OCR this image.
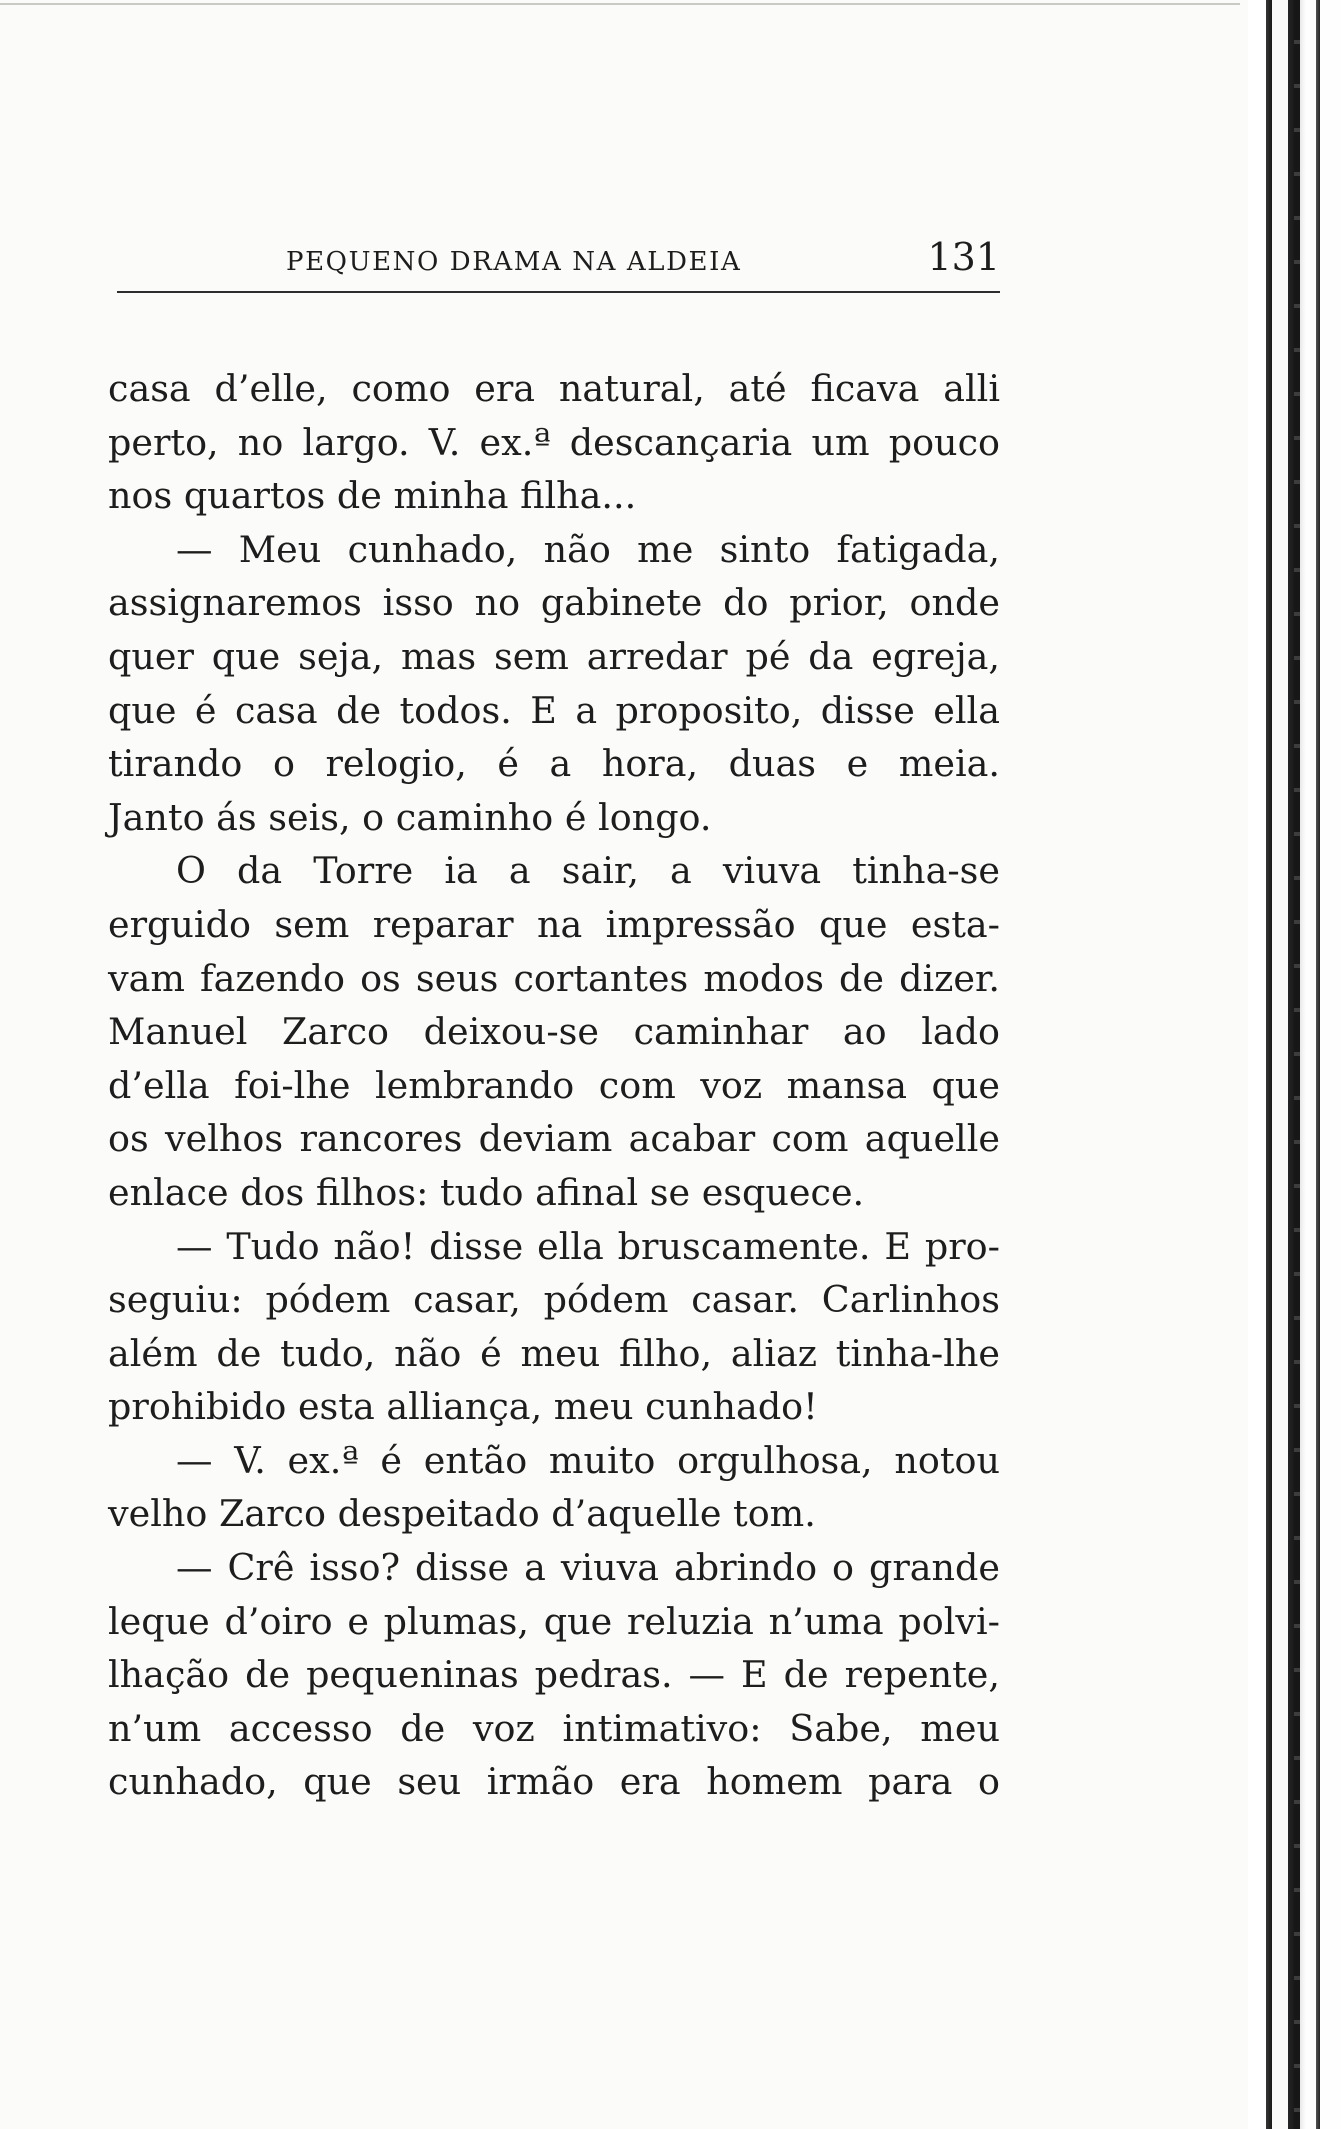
PEQUENO DRAMA NA ALDEIA	131
casa d’elle, como era natural, até ficava alli
perto, no largo. V. ex.ª descançaria um pouco
nos quartos de minha filha...
— Meu cunhado, não me sinto fatigada,
assignaremos isso no gabinete do prior, onde
quer que seja, mas sem arredar pé da egreja,
que é casa de todos. E a proposito, disse ella
tirando o relogio, é a hora, duas e meia.
Janto ás seis, o caminho é longo.
O da Torre ia a sair, a viuva tinha-se
erguido sem reparar na impressão que esta-
vam fazendo os seus cortantes modos de dizer.
Manuel Zarco deixou-se caminhar ao lado
d’ella foi-lhe lembrando com voz mansa que
os velhos rancores deviam acabar com aquelle
enlace dos filhos: tudo afinal se esquece.
— Tudo não! disse ella bruscamente. E pro-
seguiu: pódem casar, pódem casar. Carlinhos
além de tudo, não é meu filho, aliaz tinha-lhe
prohibido esta alliança, meu cunhado!
— V. ex.ª é então muito orgulhosa, notou
velho Zarco despeitado d’aquelle tom.
— Crê isso? disse a viuva abrindo o grande
leque d’oiro e plumas, que reluzia n’uma polvi-
lhação de pequeninas pedras. — E de repente,
n’um accesso de voz intimativo: Sabe, meu
cunhado, que seu irmão era homem para o
